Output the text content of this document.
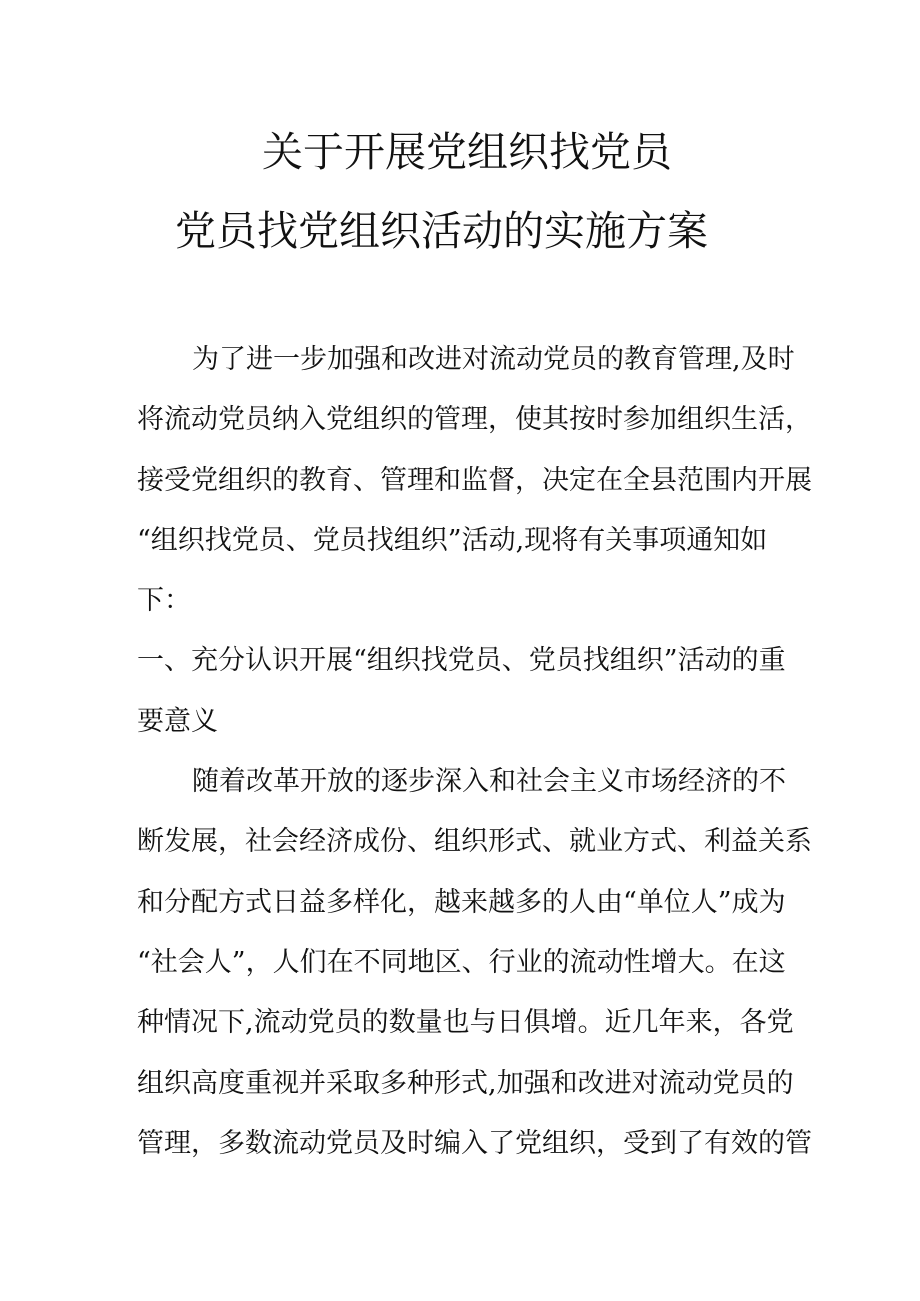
关于开展党组织找党员
党员找党组织活动的实施方案
为了进一步加强和改进对流动党员的教育管理,及时
将流动党员纳入党组织的管理，使其按时参加组织生活，
接受党组织的教育、管理和监督，决定在全县范围内开展
“组织找党员、党员找组织”活动,现将有关事项通知如
下：
一、充分认识开展“组织找党员、党员找组织”活动的重
要意义
随着改革开放的逐步深入和社会主义市场经济的不
断发展，社会经济成份、组织形式、就业方式、利益关系
和分配方式日益多样化，越来越多的人由“单位人”成为
“社会人”，人们在不同地区、行业的流动性增大。在这
种情况下,流动党员的数量也与日俱增。近几年来，各党
组织高度重视并采取多种形式,加强和改进对流动党员的
管理，多数流动党员及时编入了党组织，受到了有效的管
